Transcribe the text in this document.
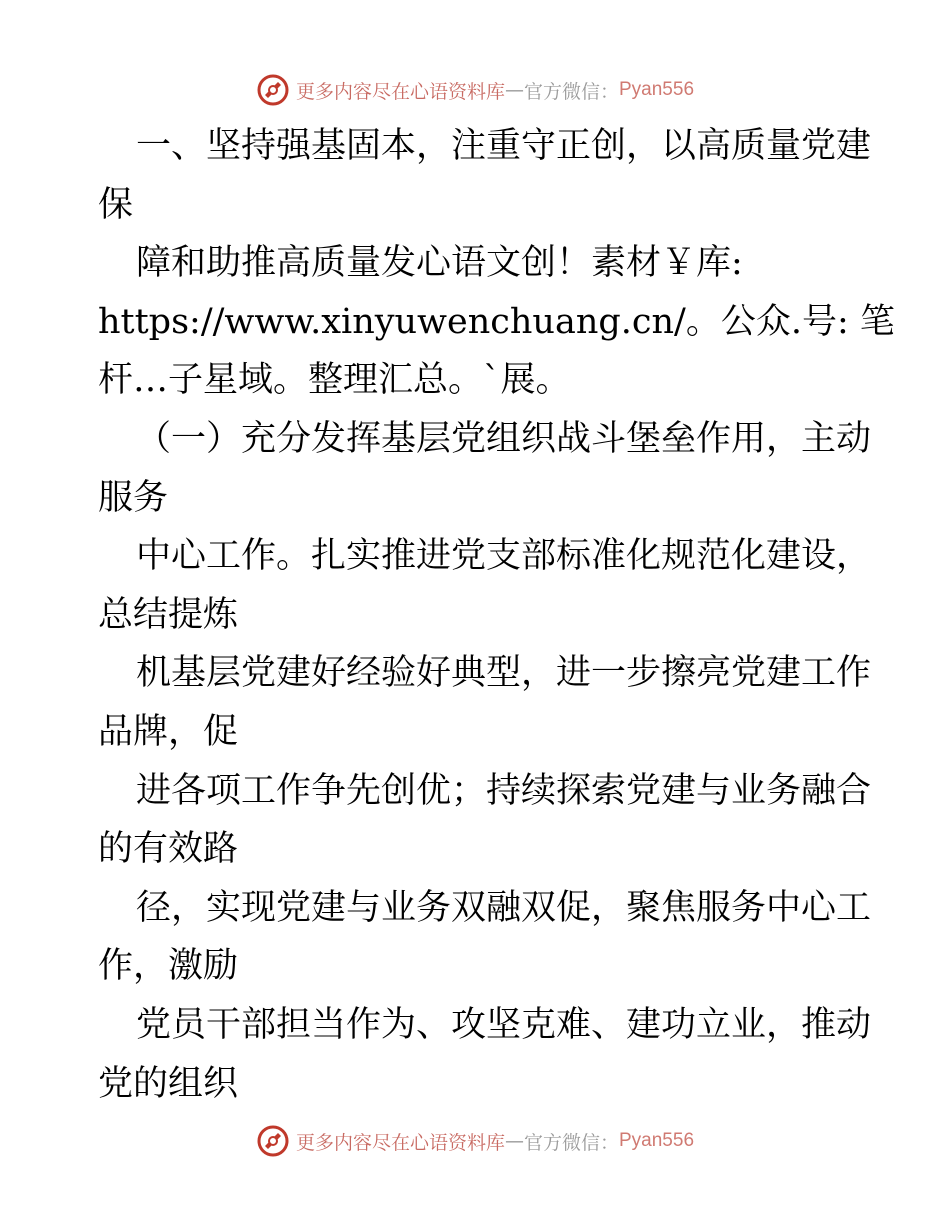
更多内容尽在心语资料库 — 官方微信： Pyan556
一、坚持强基固本，注重守正创，以高质量党建
保
障和助推高质量发心语文创！素材￥库:
https://www.xinyuwenchuang.cn/。公众.号: 笔
杆…子星域。整理汇总。`展。
（一）充分发挥基层党组织战斗堡垒作用，主动
服务
中心工作。扎实推进党支部标准化规范化建设，
总结提炼
机基层党建好经验好典型，进一步擦亮党建工作
品牌，促
进各项工作争先创优；持续探索党建与业务融合
的有效路
径，实现党建与业务双融双促，聚焦服务中心工
作，激励
党员干部担当作为、攻坚克难、建功立业，推动
党的组织
更多内容尽在心语资料库 — 官方微信： Pyan556
